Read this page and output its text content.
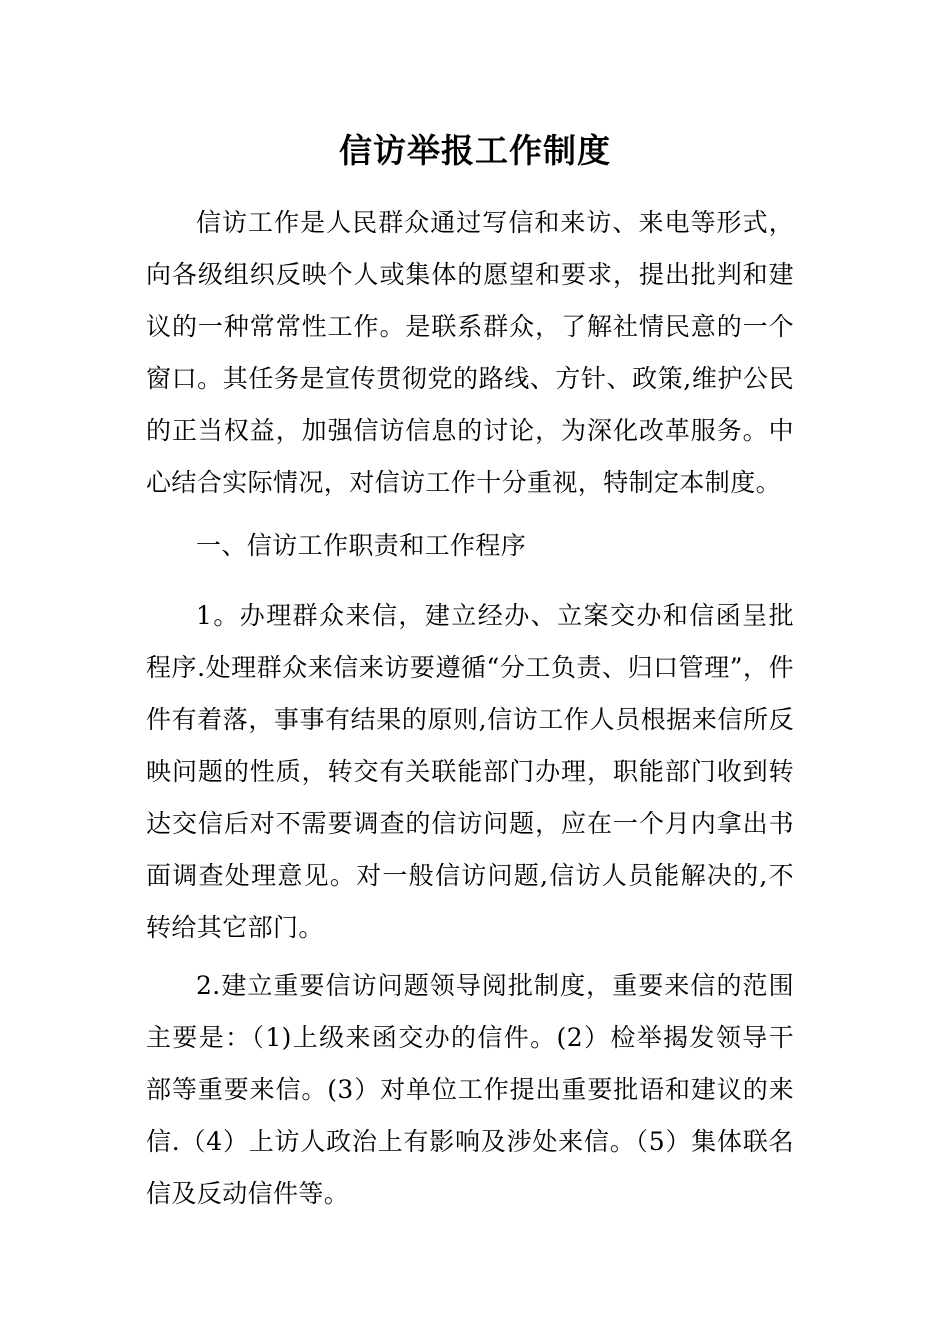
信访举报工作制度

信访工作是人民群众通过写信和来访、来电等形式，向各级组织反映个人或集体的愿望和要求，提出批判和建议的一种常常性工作。是联系群众，了解社情民意的一个窗口。其任务是宣传贯彻党的路线、方针、政策,维护公民的正当权益，加强信访信息的讨论，为深化改革服务。中心结合实际情况，对信访工作十分重视，特制定本制度。

一、信访工作职责和工作程序

1。办理群众来信，建立经办、立案交办和信函呈批程序.处理群众来信来访要遵循“分工负责、归口管理”，件件有着落，事事有结果的原则,信访工作人员根据来信所反映问题的性质，转交有关联能部门办理，职能部门收到转达交信后对不需要调查的信访问题，应在一个月内拿出书面调查处理意见。对一般信访问题,信访人员能解决的,不转给其它部门。

2.建立重要信访问题领导阅批制度，重要来信的范围主要是：（1)上级来函交办的信件。(2）检举揭发领导干部等重要来信。(3）对单位工作提出重要批语和建议的来信.（4）上访人政治上有影响及涉处来信。（5）集体联名信及反动信件等。
